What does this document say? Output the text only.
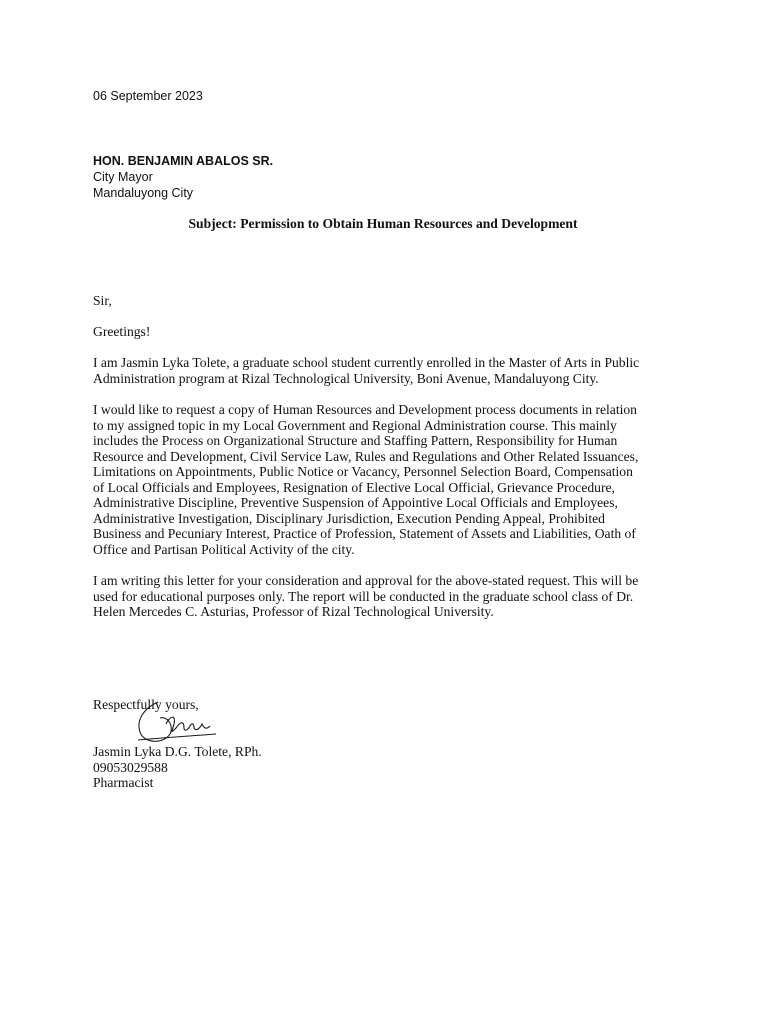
06 September 2023
HON. BENJAMIN ABALOS SR.
City Mayor
Mandaluyong City
Subject: Permission to Obtain Human Resources and Development
Sir,
Greetings!
I am Jasmin Lyka Tolete, a graduate school student currently enrolled in the Master of Arts in Public
Administration program at Rizal Technological University, Boni Avenue, Mandaluyong City.
I would like to request a copy of Human Resources and Development process documents in relation
to my assigned topic in my Local Government and Regional Administration course. This mainly
includes the Process on Organizational Structure and Staffing Pattern, Responsibility for Human
Resource and Development, Civil Service Law, Rules and Regulations and Other Related Issuances,
Limitations on Appointments, Public Notice or Vacancy, Personnel Selection Board, Compensation
of Local Officials and Employees, Resignation of Elective Local Official, Grievance Procedure,
Administrative Discipline, Preventive Suspension of Appointive Local Officials and Employees,
Administrative Investigation, Disciplinary Jurisdiction, Execution Pending Appeal, Prohibited
Business and Pecuniary Interest, Practice of Profession, Statement of Assets and Liabilities, Oath of
Office and Partisan Political Activity of the city.
I am writing this letter for your consideration and approval for the above-stated request. This will be
used for educational purposes only. The report will be conducted in the graduate school class of Dr.
Helen Mercedes C. Asturias, Professor of Rizal Technological University.
Respectfully yours,
Jasmin Lyka D.G. Tolete, RPh.
09053029588
Pharmacist
